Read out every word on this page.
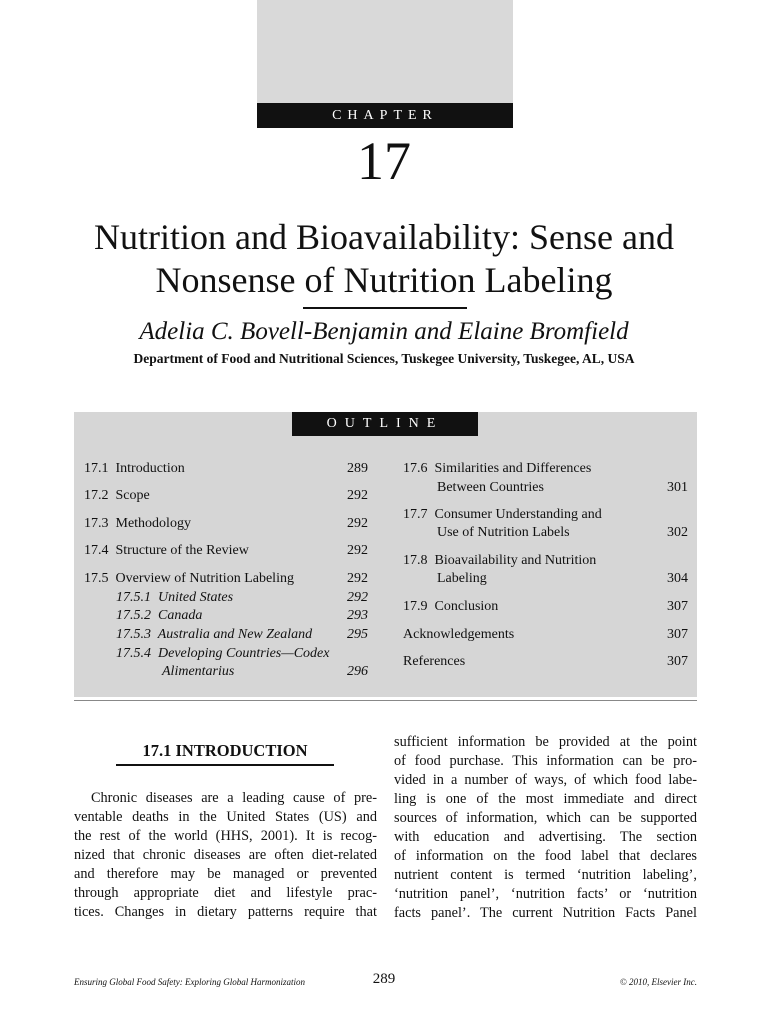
CHAPTER
17
Nutrition and Bioavailability: Sense and
Nonsense of Nutrition Labeling
Adelia C. Bovell-Benjamin and Elaine Bromfield
Department of Food and Nutritional Sciences, Tuskegee University, Tuskegee, AL, USA
OUTLINE
17.1 Introduction	289
17.2 Scope	292
17.3 Methodology	292
17.4 Structure of the Review	292
17.5 Overview of Nutrition Labeling	292
17.5.1 United States	292
17.5.2 Canada	293
17.5.3 Australia and New Zealand 295
17.5.4 Developing Countries—Codex
Alimentarius	296
17.6 Similarities and Differences
Between Countries	301
17.7 Consumer Understanding and
Use of Nutrition Labels	302
17.8 Bioavailability and Nutrition
Labeling	304
17.9 Conclusion	307
Acknowledgements	307
References	307
17.1 INTRODUCTION
Chronic diseases are a leading cause of pre-
ventable deaths in the United States (US) and
the rest of the world (HHS, 2001). It is recog-
nized that chronic diseases are often diet-related
and therefore may be managed or prevented
through appropriate diet and lifestyle prac-
tices. Changes in dietary patterns require that
sufficient information be provided at the point
of food purchase. This information can be pro-
vided in a number of ways, of which food labe-
ling is one of the most immediate and direct
sources of information, which can be supported
with education and advertising. The section
of information on the food label that declares
nutrient content is termed ‘nutrition labeling’,
‘nutrition panel’, ‘nutrition facts’ or ‘nutrition
facts panel’. The current Nutrition Facts Panel
Ensuring Global Food Safety: Exploring Global Harmonization	289	© 2010, Elsevier Inc.
